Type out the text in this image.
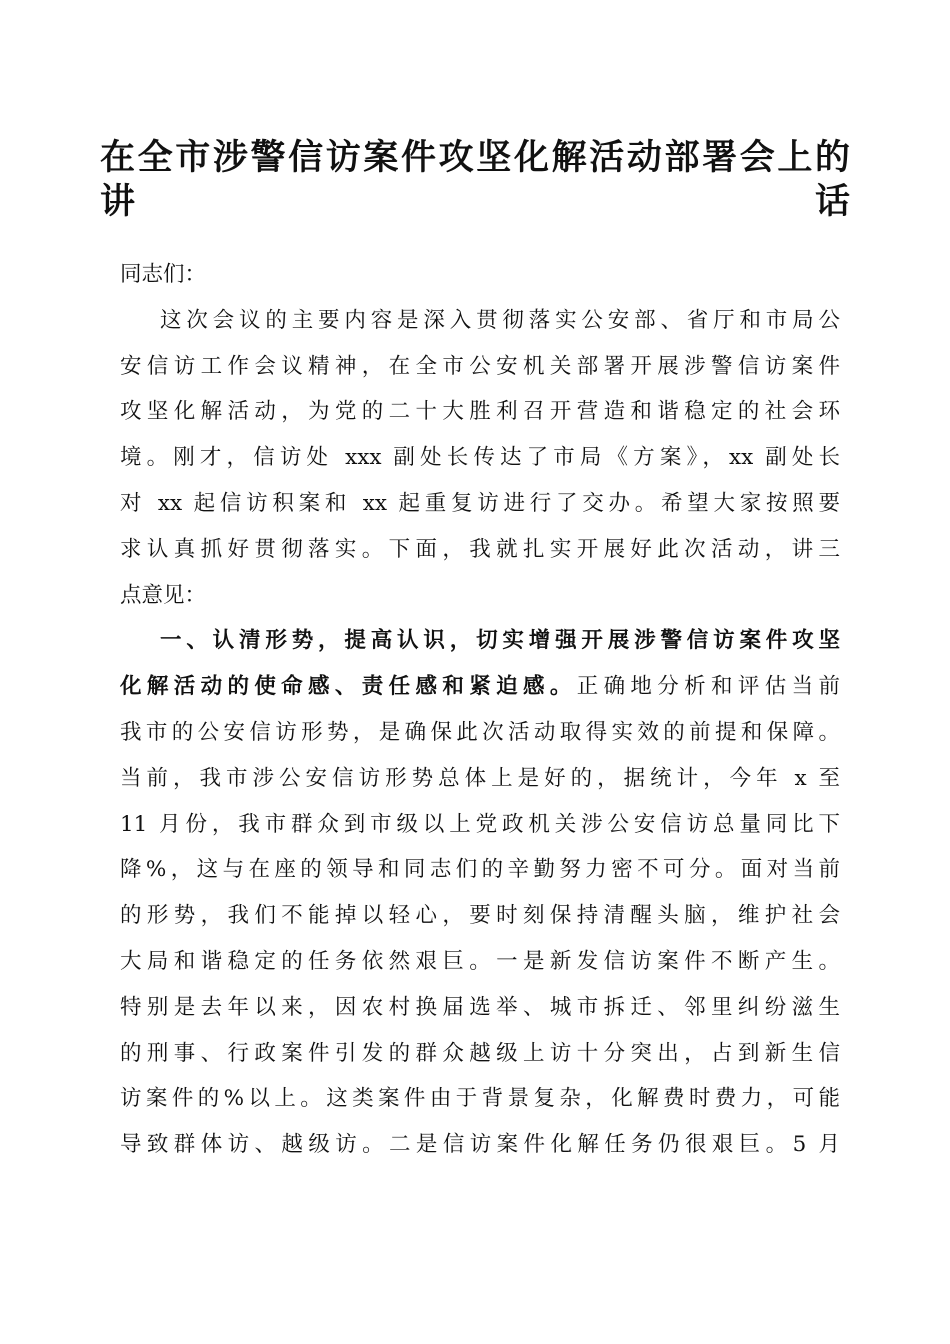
在全市涉警信访案件攻坚化解活动部署会上的
讲话
同志们：
这次会议的主要内容是深入贯彻落实公安部、省厅和市局公
安信访工作会议精神，在全市公安机关部署开展涉警信访案件
攻坚化解活动，为党的二十大胜利召开营造和谐稳定的社会环
境。刚才，信访处 xxx 副处长传达了市局《方案》，xx 副处长
对 xx 起信访积案和 xx 起重复访进行了交办。希望大家按照要
求认真抓好贯彻落实。下面，我就扎实开展好此次活动，讲三
点意见：
一、认清形势，提高认识，切实增强开展涉警信访案件攻坚
化解活动的使命感、责任感和紧迫感。正确地分析和评估当前
我市的公安信访形势，是确保此次活动取得实效的前提和保障。
当前，我市涉公安信访形势总体上是好的，据统计，今年 x 至
11 月份，我市群众到市级以上党政机关涉公安信访总量同比下
降%，这与在座的领导和同志们的辛勤努力密不可分。面对当前
的形势，我们不能掉以轻心，要时刻保持清醒头脑，维护社会
大局和谐稳定的任务依然艰巨。一是新发信访案件不断产生。
特别是去年以来，因农村换届选举、城市拆迁、邻里纠纷滋生
的刑事、行政案件引发的群众越级上访十分突出，占到新生信
访案件的%以上。这类案件由于背景复杂，化解费时费力，可能
导致群体访、越级访。二是信访案件化解任务仍很艰巨。5 月
